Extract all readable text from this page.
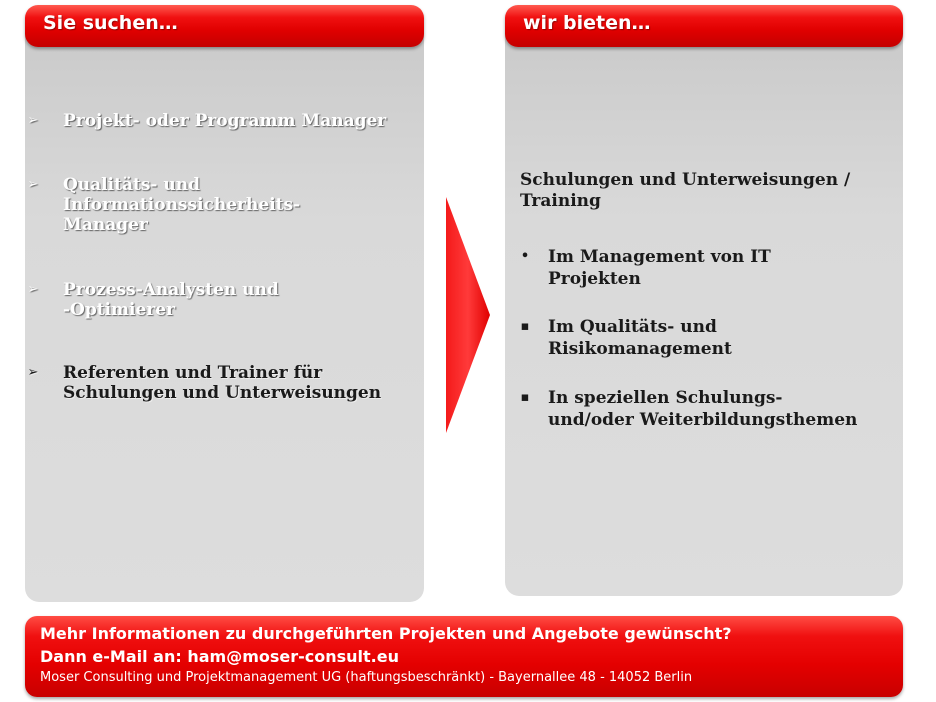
Sie suchen…	wir bieten…
➢ Projekt- oder Programm Manager
➢ Qualitäts- und
Informationssicherheits-
Manager
➢ Prozess-Analysten und
-Optimierer
➢ Referenten und Trainer für
Schulungen und Unterweisungen
Schulungen und Unterweisungen /
Training
• Im Management von IT
Projekten
▪ Im Qualitäts- und
Risikomanagement
▪ In speziellen Schulungs-
und/oder Weiterbildungsthemen
Mehr Informationen zu durchgeführten Projekten und Angebote gewünscht?
Dann e-Mail an: ham@moser-consult.eu
Moser Consulting und Projektmanagement UG (haftungsbeschränkt) - Bayernallee 48 - 14052 Berlin
